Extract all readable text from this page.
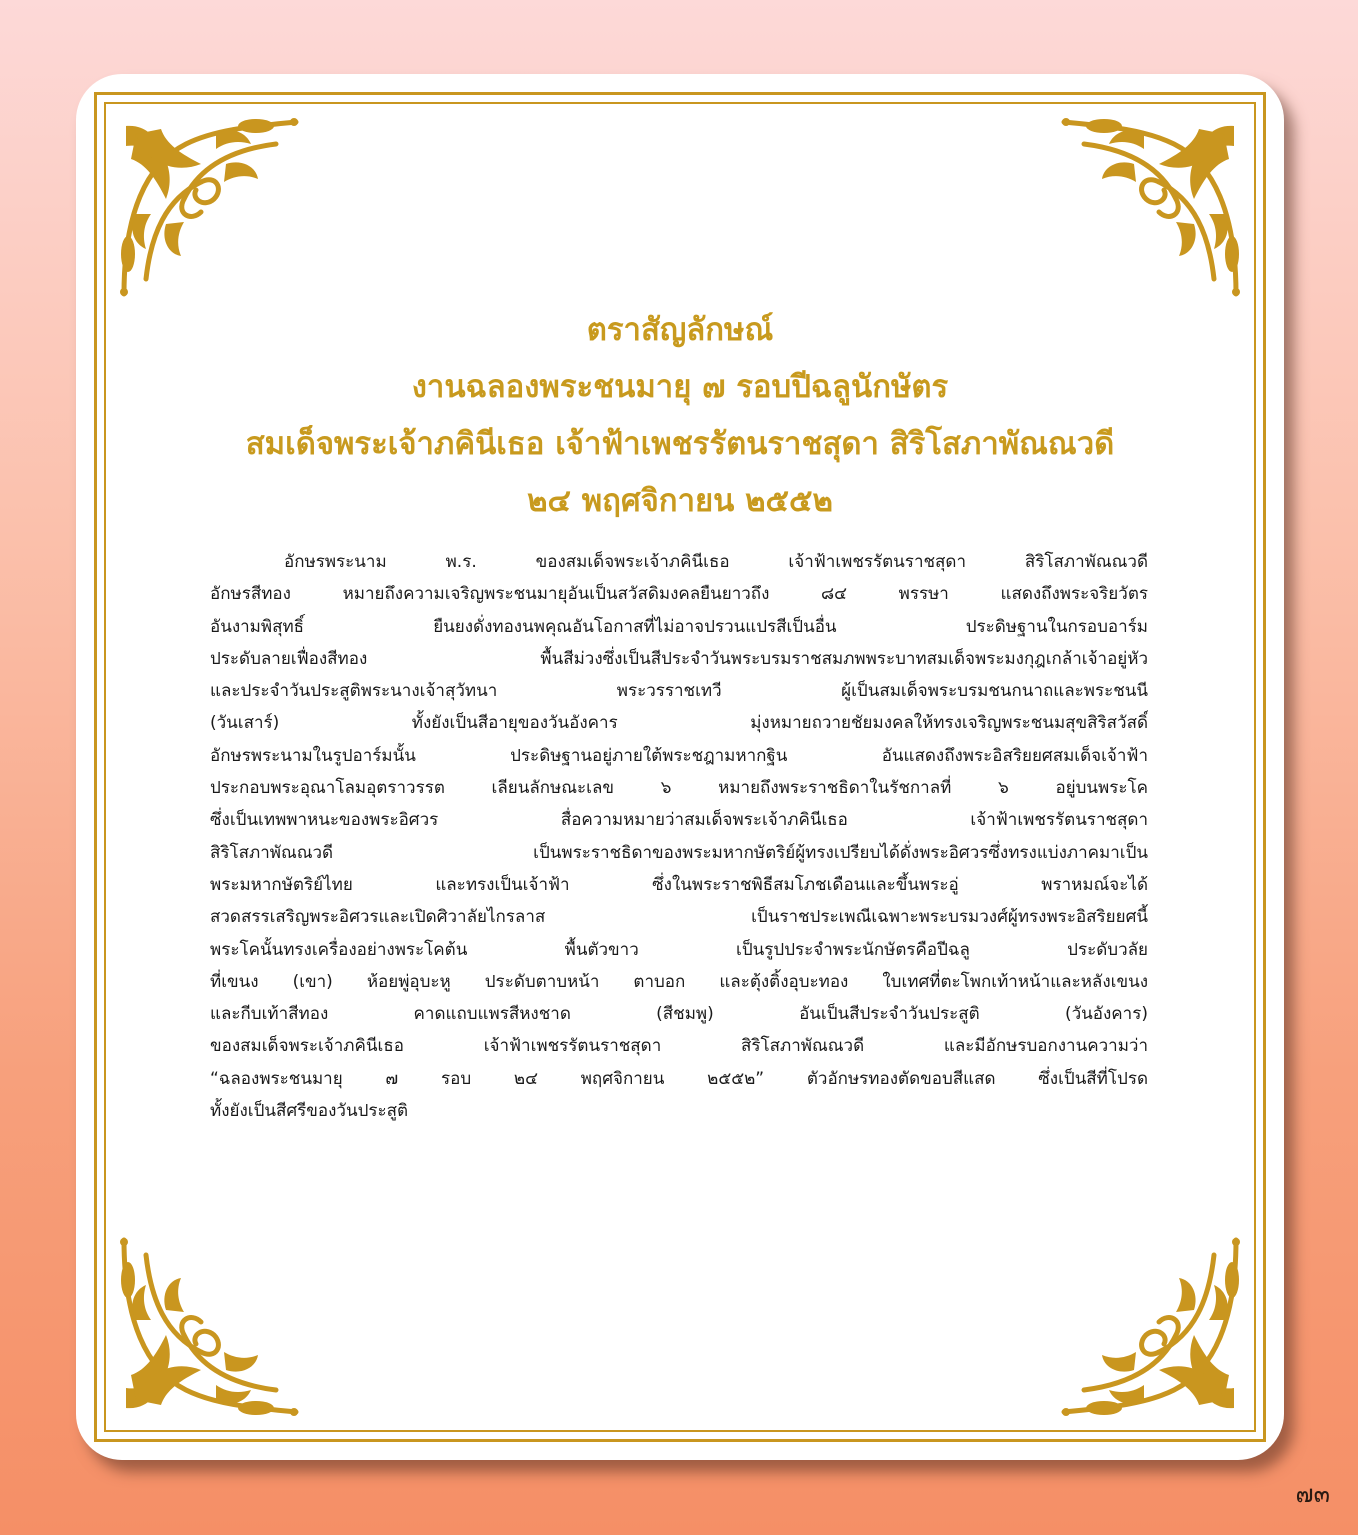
ตราสัญลักษณ์
งานฉลองพระชนมายุ ๗ รอบปีฉลูนักษัตร
สมเด็จพระเจ้าภคินีเธอ เจ้าฟ้าเพชรรัตนราชสุดา สิริโสภาพัณณวดี
๒๔ พฤศจิกายน ๒๕๕๒
อักษรพระนาม พ.ร. ของสมเด็จพระเจ้าภคินีเธอ เจ้าฟ้าเพชรรัตนราชสุดา สิริโสภาพัณณวดี
อักษรสีทอง หมายถึงความเจริญพระชนมายุอันเป็นสวัสดิมงคลยืนยาวถึง ๘๔ พรรษา แสดงถึงพระจริยวัตร
อันงามพิสุทธิ์ ยืนยงดั่งทองนพคุณอันโอกาสที่ไม่อาจปรวนแปรสีเป็นอื่น ประดิษฐานในกรอบอาร์ม
ประดับลายเฟื่องสีทอง พื้นสีม่วงซึ่งเป็นสีประจำวันพระบรมราชสมภพพระบาทสมเด็จพระมงกุฎเกล้าเจ้าอยู่หัว
และประจำวันประสูติพระนางเจ้าสุวัทนา พระวรราชเทวี ผู้เป็นสมเด็จพระบรมชนกนาถและพระชนนี
(วันเสาร์) ทั้งยังเป็นสีอายุของวันอังคาร มุ่งหมายถวายชัยมงคลให้ทรงเจริญพระชนมสุขสิริสวัสดิ์
อักษรพระนามในรูปอาร์มนั้น ประดิษฐานอยู่ภายใต้พระชฎามหากฐิน อันแสดงถึงพระอิสริยยศสมเด็จเจ้าฟ้า
ประกอบพระอุณาโลมอุตราวรรต เลียนลักษณะเลข ๖ หมายถึงพระราชธิดาในรัชกาลที่ ๖ อยู่บนพระโค
ซึ่งเป็นเทพพาหนะของพระอิศวร สื่อความหมายว่าสมเด็จพระเจ้าภคินีเธอ เจ้าฟ้าเพชรรัตนราชสุดา
สิริโสภาพัณณวดี เป็นพระราชธิดาของพระมหากษัตริย์ผู้ทรงเปรียบได้ดั่งพระอิศวรซึ่งทรงแบ่งภาคมาเป็น
พระมหากษัตริย์ไทย และทรงเป็นเจ้าฟ้า ซึ่งในพระราชพิธีสมโภชเดือนและขึ้นพระอู่ พราหมณ์จะได้
สวดสรรเสริญพระอิศวรและเปิดศิวาลัยไกรลาส เป็นราชประเพณีเฉพาะพระบรมวงศ์ผู้ทรงพระอิสริยยศนี้
พระโคนั้นทรงเครื่องอย่างพระโคต้น พื้นตัวขาว เป็นรูปประจำพระนักษัตรคือปีฉลู ประดับวลัย
ที่เขนง (เขา) ห้อยพู่อุบะหู ประดับตาบหน้า ตาบอก และตุ้งติ้งอุบะทอง ใบเทศที่ตะโพกเท้าหน้าและหลังเขนง
และกีบเท้าสีทอง คาดแถบแพรสีหงชาด (สีชมพู) อันเป็นสีประจำวันประสูติ (วันอังคาร)
ของสมเด็จพระเจ้าภคินีเธอ เจ้าฟ้าเพชรรัตนราชสุดา สิริโสภาพัณณวดี และมีอักษรบอกงานความว่า
“ฉลองพระชนมายุ ๗ รอบ ๒๔ พฤศจิกายน ๒๕๕๒” ตัวอักษรทองตัดขอบสีแสด ซึ่งเป็นสีที่โปรด
ทั้งยังเป็นสีศรีของวันประสูติ
๗๓
